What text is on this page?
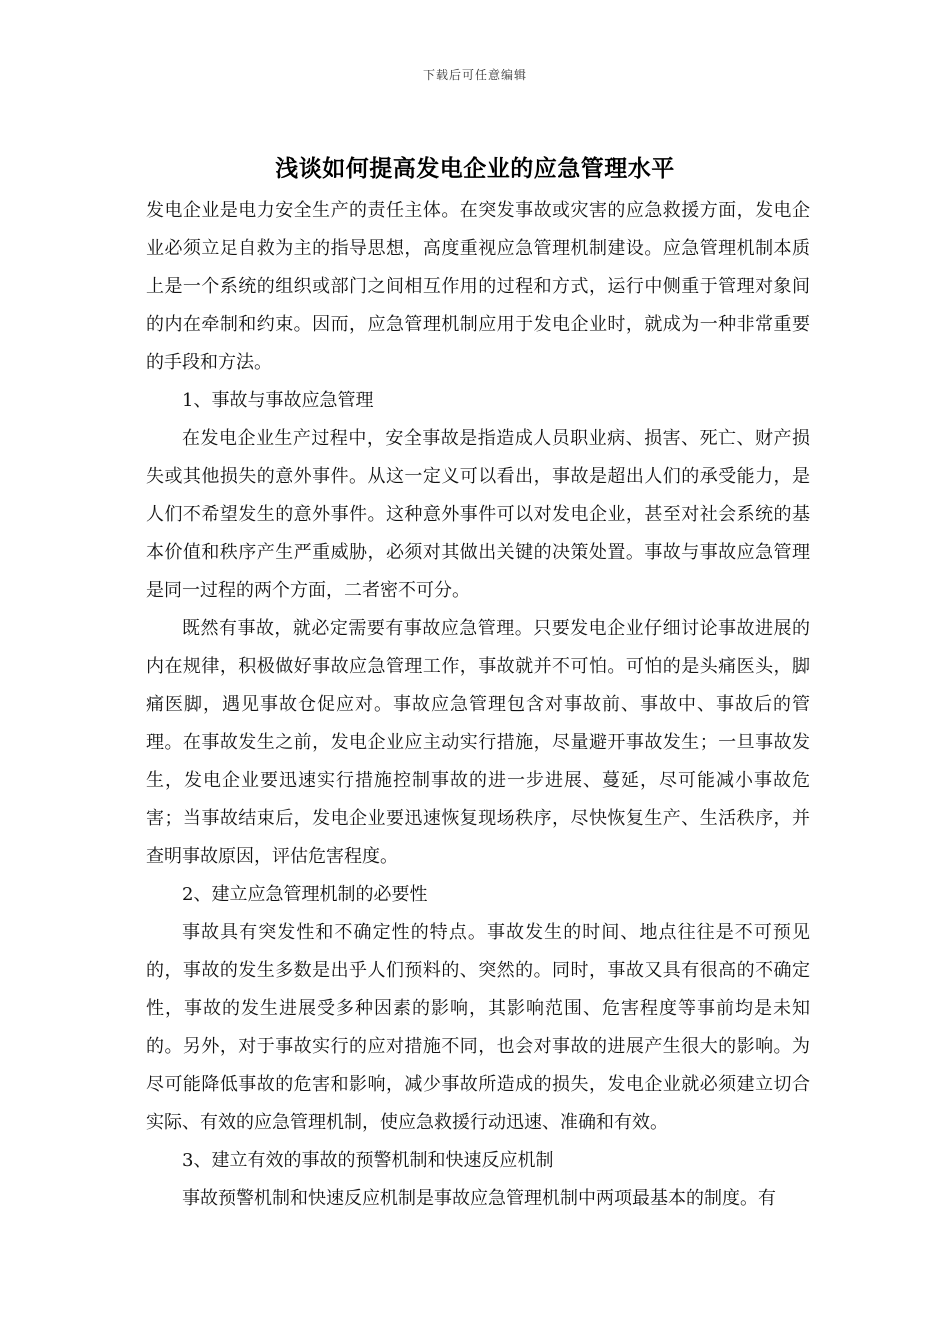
下载后可任意编辑
浅谈如何提高发电企业的应急管理水平

发电企业是电力安全生产的责任主体。在突发事故或灾害的应急救援方面，发电企业必须立足自救为主的指导思想，高度重视应急管理机制建设。应急管理机制本质上是一个系统的组织或部门之间相互作用的过程和方式，运行中侧重于管理对象间的内在牵制和约束。因而，应急管理机制应用于发电企业时，就成为一种非常重要的手段和方法。

1、事故与事故应急管理

在发电企业生产过程中，安全事故是指造成人员职业病、损害、死亡、财产损失或其他损失的意外事件。从这一定义可以看出，事故是超出人们的承受能力，是人们不希望发生的意外事件。这种意外事件可以对发电企业，甚至对社会系统的基本价值和秩序产生严重威胁，必须对其做出关键的决策处置。事故与事故应急管理是同一过程的两个方面，二者密不可分。

既然有事故，就必定需要有事故应急管理。只要发电企业仔细讨论事故进展的内在规律，积极做好事故应急管理工作，事故就并不可怕。可怕的是头痛医头，脚痛医脚，遇见事故仓促应对。事故应急管理包含对事故前、事故中、事故后的管理。在事故发生之前，发电企业应主动实行措施，尽量避开事故发生；一旦事故发生，发电企业要迅速实行措施控制事故的进一步进展、蔓延，尽可能减小事故危害；当事故结束后，发电企业要迅速恢复现场秩序，尽快恢复生产、生活秩序，并查明事故原因，评估危害程度。

2、建立应急管理机制的必要性

事故具有突发性和不确定性的特点。事故发生的时间、地点往往是不可预见的，事故的发生多数是出乎人们预料的、突然的。同时，事故又具有很高的不确定性，事故的发生进展受多种因素的影响，其影响范围、危害程度等事前均是未知的。另外，对于事故实行的应对措施不同，也会对事故的进展产生很大的影响。为尽可能降低事故的危害和影响，减少事故所造成的损失，发电企业就必须建立切合实际、有效的应急管理机制，使应急救援行动迅速、准确和有效。

3、建立有效的事故的预警机制和快速反应机制

事故预警机制和快速反应机制是事故应急管理机制中两项最基本的制度。有
